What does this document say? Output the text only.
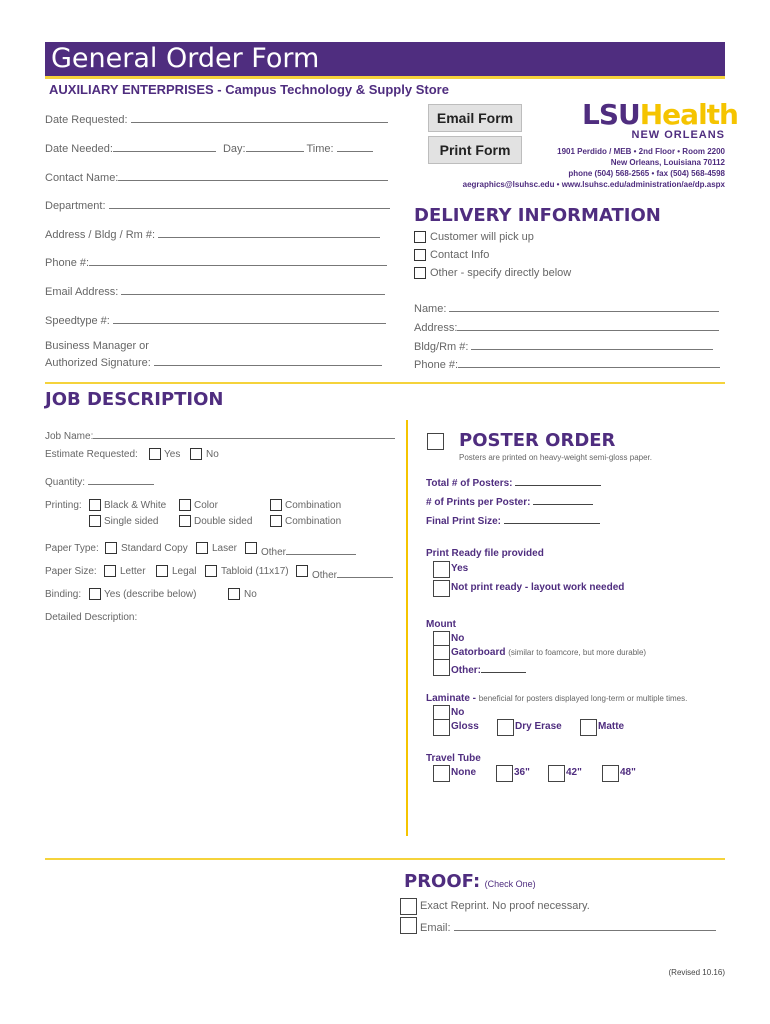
General Order Form
AUXILIARY ENTERPRISES - Campus Technology & Supply Store
Email Form
Print Form
LSUHealth
NEW ORLEANS
1901 Perdido / MEB • 2nd Floor • Room 2200
New Orleans, Louisiana 70112
phone (504) 568-2565 • fax (504) 568-4598
aegraphics@lsuhsc.edu • www.lsuhsc.edu/administration/ae/dp.aspx
Date Requested:
Date Needed:	Day:	Time:
Contact Name:
Department:
Address / Bldg / Rm #:
Phone #:
Email Address:
Speedtype #:
Business Manager or
Authorized Signature:
DELIVERY INFORMATION
Customer will pick up
Contact Info
Other - specify directly below
Name:
Address:
Bldg/Rm #:
Phone #:
JOB DESCRIPTION
Job Name:
Estimate Requested:	Yes	No
Quantity:
Printing: Black & White	Color	Combination
Single sided	Double sided	Combination
Paper Type: Standard Copy Laser Other
Paper Size: Letter	Legal Tabloid (11x17) Other
Binding: Yes (describe below)	No
Detailed Description:
POSTER ORDER
Posters are printed on heavy-weight semi-gloss paper.
Total # of Posters:
# of Prints per Poster:
Final Print Size:
Print Ready file provided
Yes
Not print ready - layout work needed
Mount
No
Gatorboard (similar to foamcore, but more durable)
Other:
Laminate - beneficial for posters displayed long-term or multiple times.
No
Gloss	Dry Erase	Matte
Travel Tube
None	36"	42"	48"
PROOF: (Check One)
Exact Reprint. No proof necessary.
Email:
(Revised 10.16)
